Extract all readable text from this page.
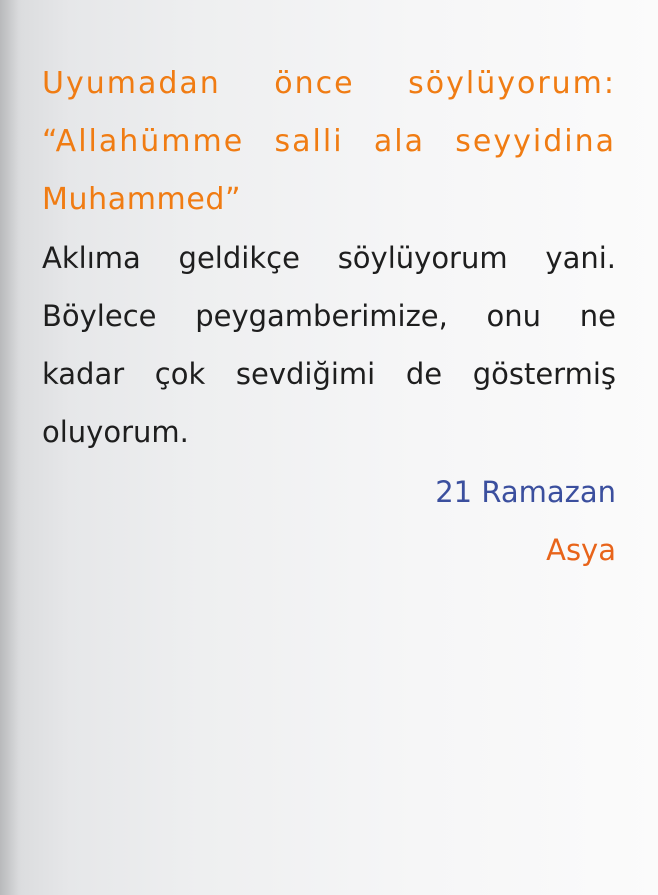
Uyumadan önce söylüyorum:
“Allahümme salli ala seyyidina
Muhammed”
Aklıma geldikçe söylüyorum yani.
Böylece peygamberimize, onu ne
kadar çok sevdiğimi de göstermiş
oluyorum.
21 Ramazan
Asya
